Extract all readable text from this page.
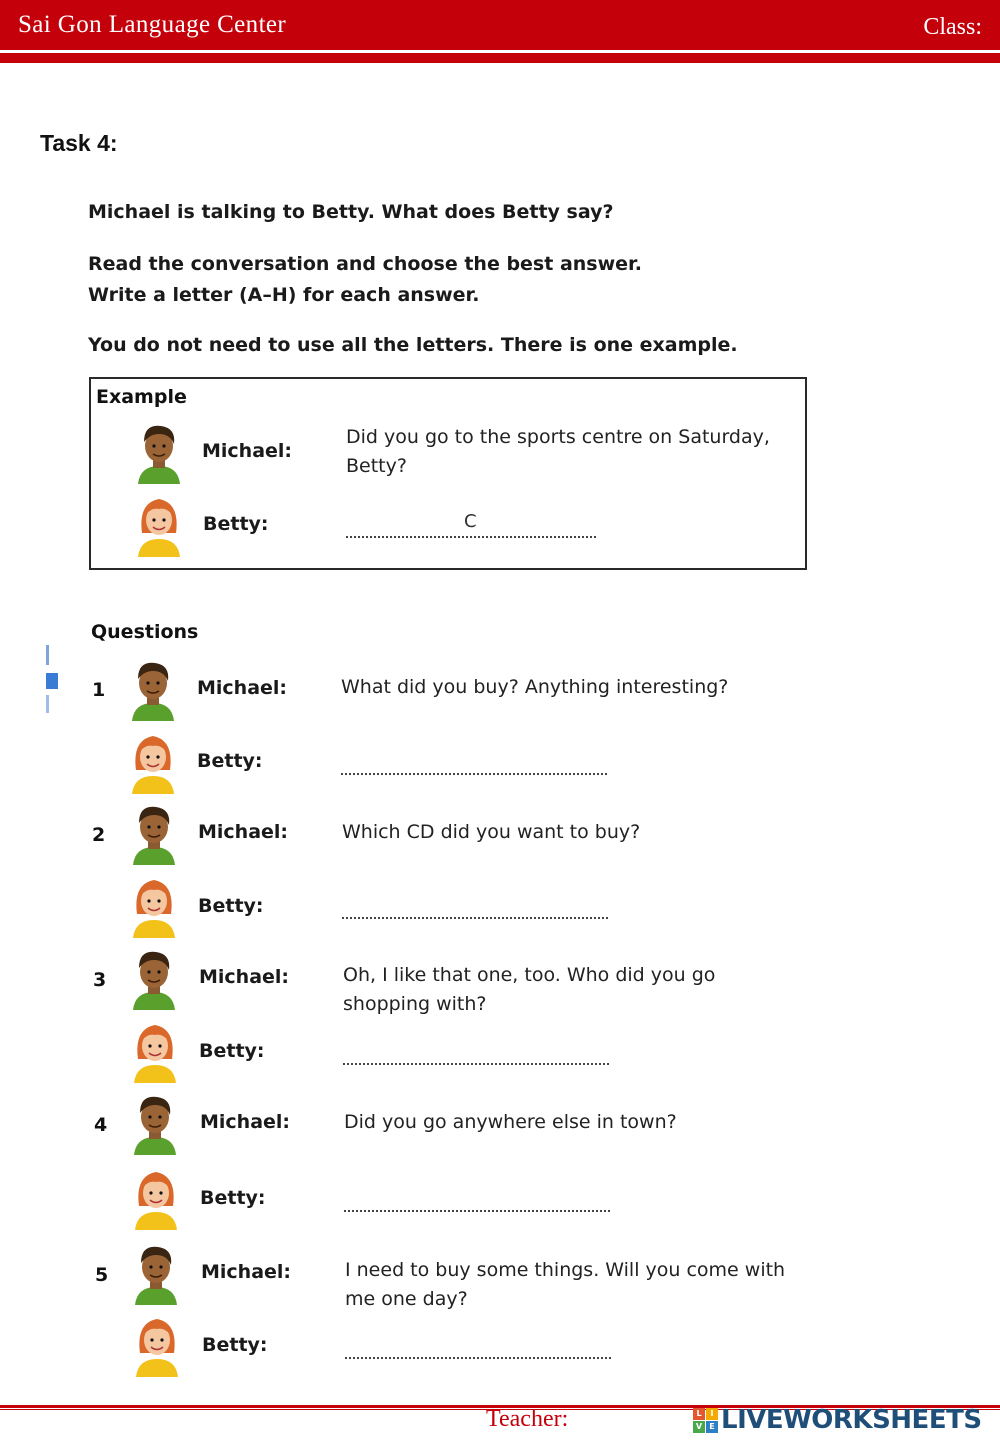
Sai Gon Language Center	Class:
Task 4:
Michael is talking to Betty. What does Betty say?
Read the conversation and choose the best answer.
Write a letter (A–H) for each answer.
You do not need to use all the letters. There is one example.
Example
Michael:
Did you go to the sports centre on Saturday, Betty?
Betty:	C
Questions
1	Michael:	What did you buy? Anything interesting?
Betty:
2	Michael:	Which CD did you want to buy?
Betty:
3	Michael:	Oh, I like that one, too. Who did you go shopping with?
Betty:
4	Michael:	Did you go anywhere else in town?
Betty:
5	Michael:	I need to buy some things. Will you come with me one day?
Betty:
Teacher:	L	I
V E LIVEWORKSHEETS
